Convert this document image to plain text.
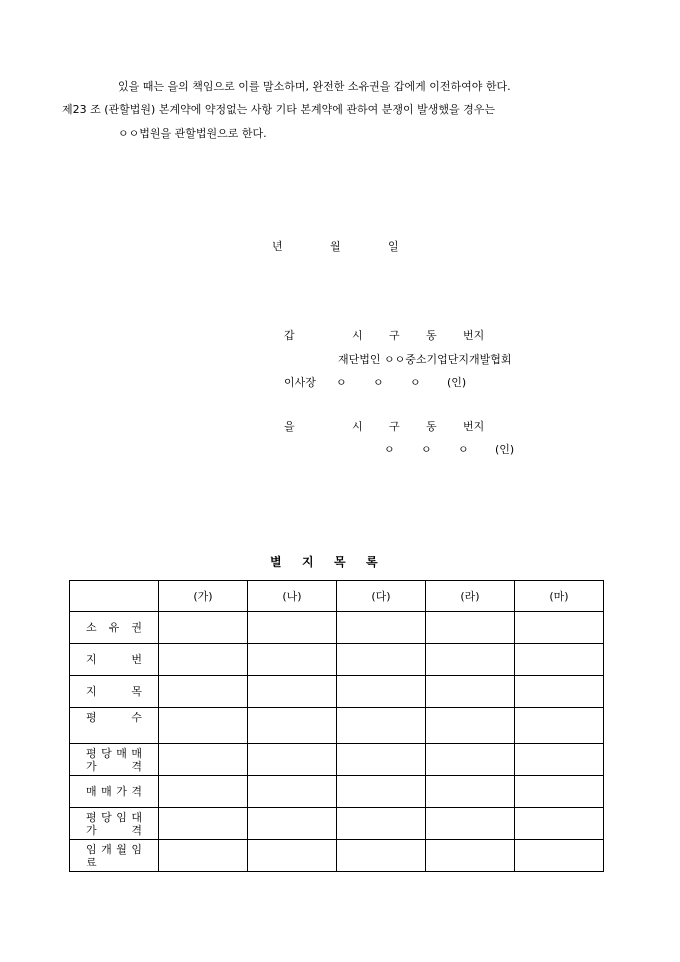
있을 때는 을의 책임으로 이를 말소하며, 완전한 소유권을 갑에게 이전하여야 한다.
제23 조 (관할법원) 본계약에 약정없는 사항 기타 본계약에 관하여 분쟁이 발생했을 경우는
ㅇㅇ법원을 관할법원으로 한다.
년	월	일
갑	시 구 동 번지
재단법인 ㅇㅇ중소기업단지개발협회
이사장 ㅇ ㅇ ㅇ (인)
을	시 구 동 번지
ㅇ ㅇ ㅇ (인)
별 지 목 록
	(가)	(나)	(다)	(라)	(마)
소 유 권					
지 번					
지 목					
평 수					
평 당 매 매 가 격					
매 매 가 격					
평 당 임 대 가 격					
임 개 월 임 료					
